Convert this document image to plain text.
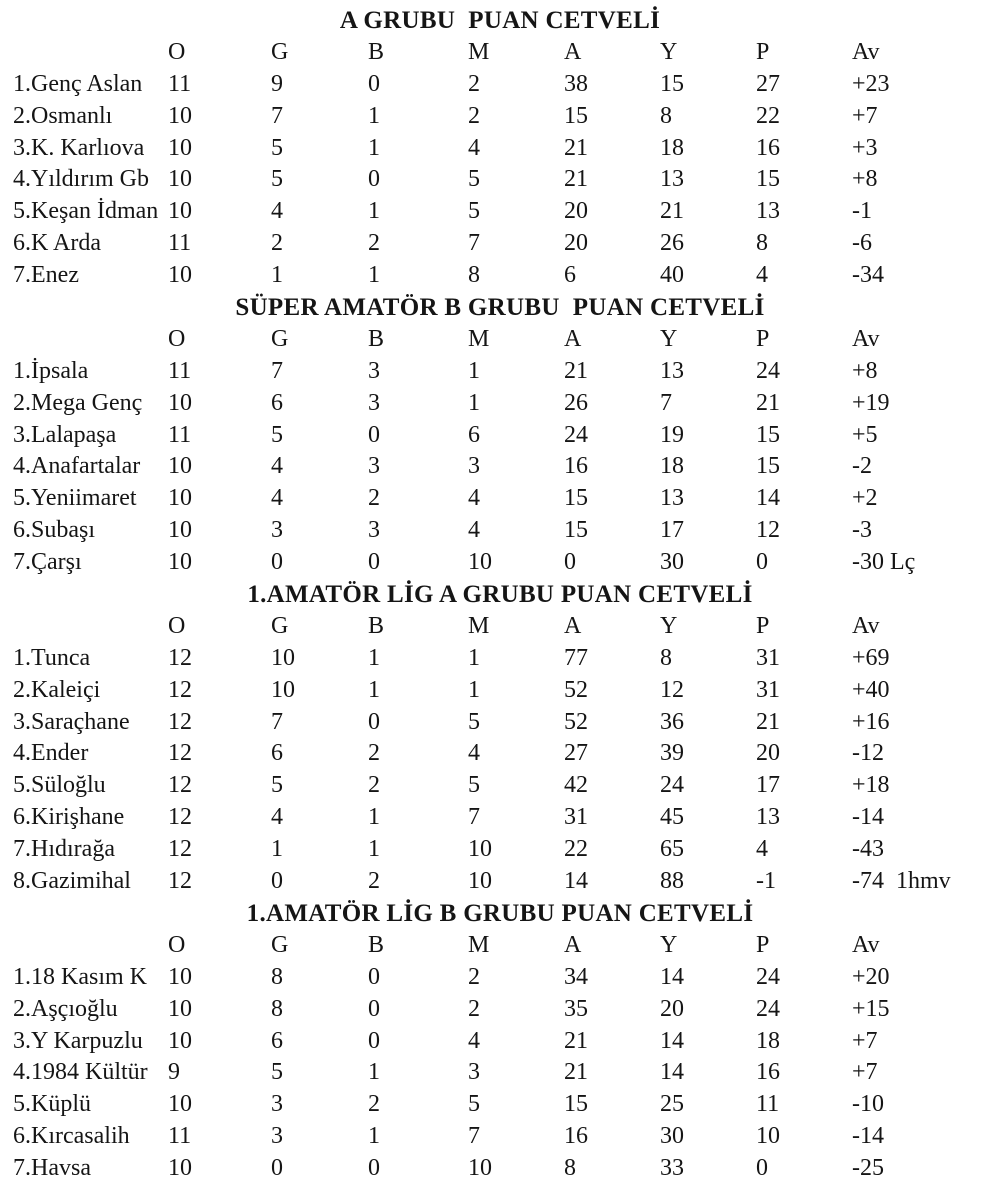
A GRUBU  PUAN CETVELİ
O	G	B	M	A	Y	P	Av
1.Genç Aslan 11	9	0	2	38	15	27	+23
2.Osmanlı 10	7	1	2	15	8	22	+7
3.K. Karlıova 10	5	1	4	21	18	16	+3
4.Yıldırım Gb 10	5	0	5	21	13	15	+8
5.Keşan İdman 10	4	1	5	20	21	13	-1
6.K Arda	11	2	2	7	20	26	8	-6
7.Enez	10	1	1	8	6	40	4	-34
SÜPER AMATÖR B GRUBU  PUAN CETVELİ
O	G	B	M	A	Y	P	Av
1.İpsala	11	7	3	1	21	13	24	+8
2.Mega Genç 10	6	3	1	26	7	21	+19
3.Lalapaşa 11	5	0	6	24	19	15	+5
4.Anafartalar 10	4	3	3	16	18	15	-2
5.Yeniimaret 10	4	2	4	15	13	14	+2
6.Subaşı	10	3	3	4	15	17	12	-3
7.Çarşı	10	0	0	10	0	30	0	-30 Lç
1.AMATÖR LİG A GRUBU PUAN CETVELİ
O	G	B	M	A	Y	P	Av
1.Tunca	12	10	1	1	77	8	31	+69
2.Kaleiçi	12	10	1	1	52	12	31	+40
3.Saraçhane 12	7	0	5	52	36	21	+16
4.Ender	12	6	2	4	27	39	20	-12
5.Süloğlu	12	5	2	5	42	24	17	+18
6.Kirişhane 12	4	1	7	31	45	13	-14
7.Hıdırağa 12	1	1	10	22	65	4	-43
8.Gazimihal 12	0	2	10	14	88	-1	-74  1hmv
1.AMATÖR LİG B GRUBU PUAN CETVELİ
O	G	B	M	A	Y	P	Av
1.18 Kasım K 10	8	0	2	34	14	24	+20
2.Aşçıoğlu 10	8	0	2	35	20	24	+15
3.Y Karpuzlu 10	6	0	4	21	14	18	+7
4.1984 Kültür 9	5	1	3	21	14	16	+7
5.Küplü	10	3	2	5	15	25	11	-10
6.Kırcasalih 11	3	1	7	16	30	10	-14
7.Havsa	10	0	0	10	8	33	0	-25
